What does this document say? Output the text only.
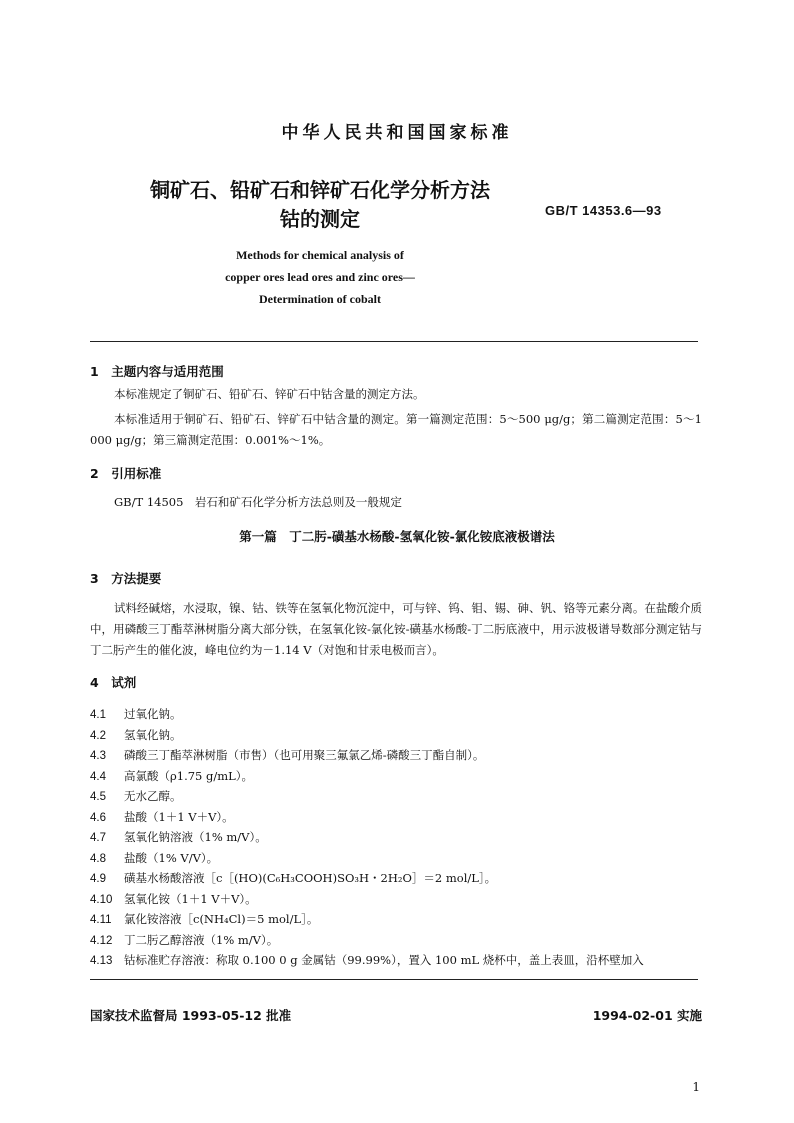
中华人民共和国国家标准
铜矿石、铅矿石和锌矿石化学分析方法
钴的测定	GB/T 14353.6—93
Methods for chemical analysis of
copper ores lead ores and zinc ores—
Determination of cobalt
1　主题内容与适用范围
本标准规定了铜矿石、铅矿石、锌矿石中钴含量的测定方法。
本标准适用于铜矿石、铅矿石、锌矿石中钴含量的测定。第一篇测定范围：5～500 μg/g；第二篇测定范围：5～1 000 μg/g；第三篇测定范围：0.001%～1%。
2　引用标准
GB/T 14505　岩石和矿石化学分析方法总则及一般规定
第一篇　丁二肟-磺基水杨酸-氢氧化铵-氯化铵底液极谱法
3　方法提要
试料经碱熔，水浸取，镍、钴、铁等在氢氧化物沉淀中，可与锌、钨、钼、锡、砷、钒、铬等元素分离。在盐酸介质中，用磷酸三丁酯萃淋树脂分离大部分铁，在氢氧化铵-氯化铵-磺基水杨酸-丁二肟底液中，用示波极谱导数部分测定钴与丁二肟产生的催化波，峰电位约为－1.14 V（对饱和甘汞电极而言）。
4　试剂
4.1 过氧化钠。
4.2 氢氧化钠。
4.3 磷酸三丁酯萃淋树脂（市售）（也可用聚三氟氯乙烯-磷酸三丁酯自制）。
4.4 高氯酸（ρ1.75 g/mL）。
4.5 无水乙醇。
4.6 盐酸（1＋1 V＋V）。
4.7 氢氧化钠溶液（1% m/V）。
4.8 盐酸（1% V/V）。
4.9 磺基水杨酸溶液［c［(HO)(C₆H₃COOH)SO₃H・2H₂O］＝2 mol/L］。
4.10 氢氧化铵（1＋1 V＋V）。
4.11 氯化铵溶液［c(NH₄Cl)＝5 mol/L］。
4.12 丁二肟乙醇溶液（1% m/V）。
4.13 钴标准贮存溶液：称取 0.100 0 g 金属钴（99.99%），置入 100 mL 烧杯中，盖上表皿，沿杯壁加入
国家技术监督局 1993-05-12 批准	1994-02-01 实施
1
